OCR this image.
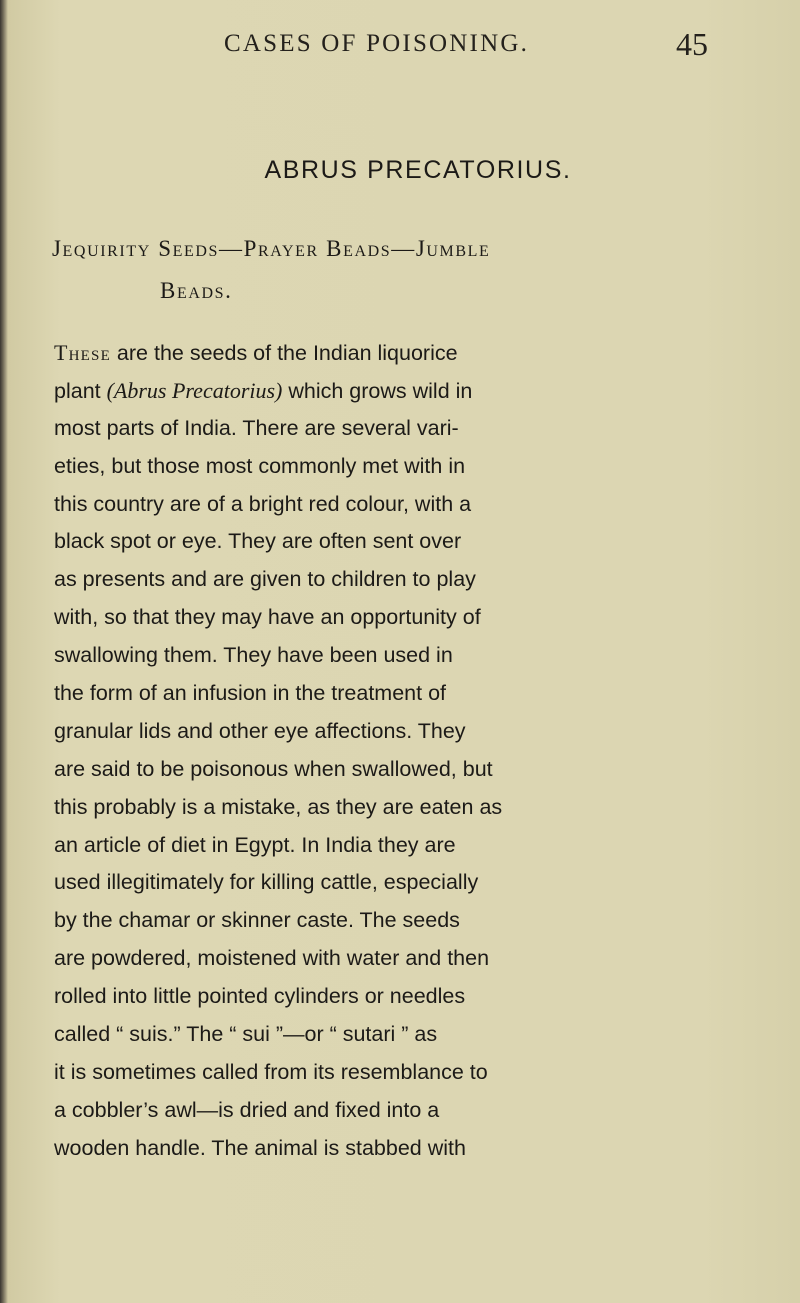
CASES OF POISONING.	45
ABRUS PRECATORIUS.
Jequirity Seeds—Prayer Beads—Jumble
Beads.
These are the seeds of the Indian liquorice
plant (Abrus Precatorius) which grows wild in
most parts of India. There are several vari-
eties, but those most commonly met with in
this country are of a bright red colour, with a
black spot or eye. They are often sent over
as presents and are given to children to play
with, so that they may have an opportunity of
swallowing them. They have been used in
the form of an infusion in the treatment of
granular lids and other eye affections. They
are said to be poisonous when swallowed, but
this probably is a mistake, as they are eaten as
an article of diet in Egypt. In India they are
used illegitimately for killing cattle, especially
by the chamar or skinner caste. The seeds
are powdered, moistened with water and then
rolled into little pointed cylinders or needles
called “ suis.” The “ sui ”—or “ sutari ” as
it is sometimes called from its resemblance to
a cobbler’s awl—is dried and fixed into a
wooden handle. The animal is stabbed with
